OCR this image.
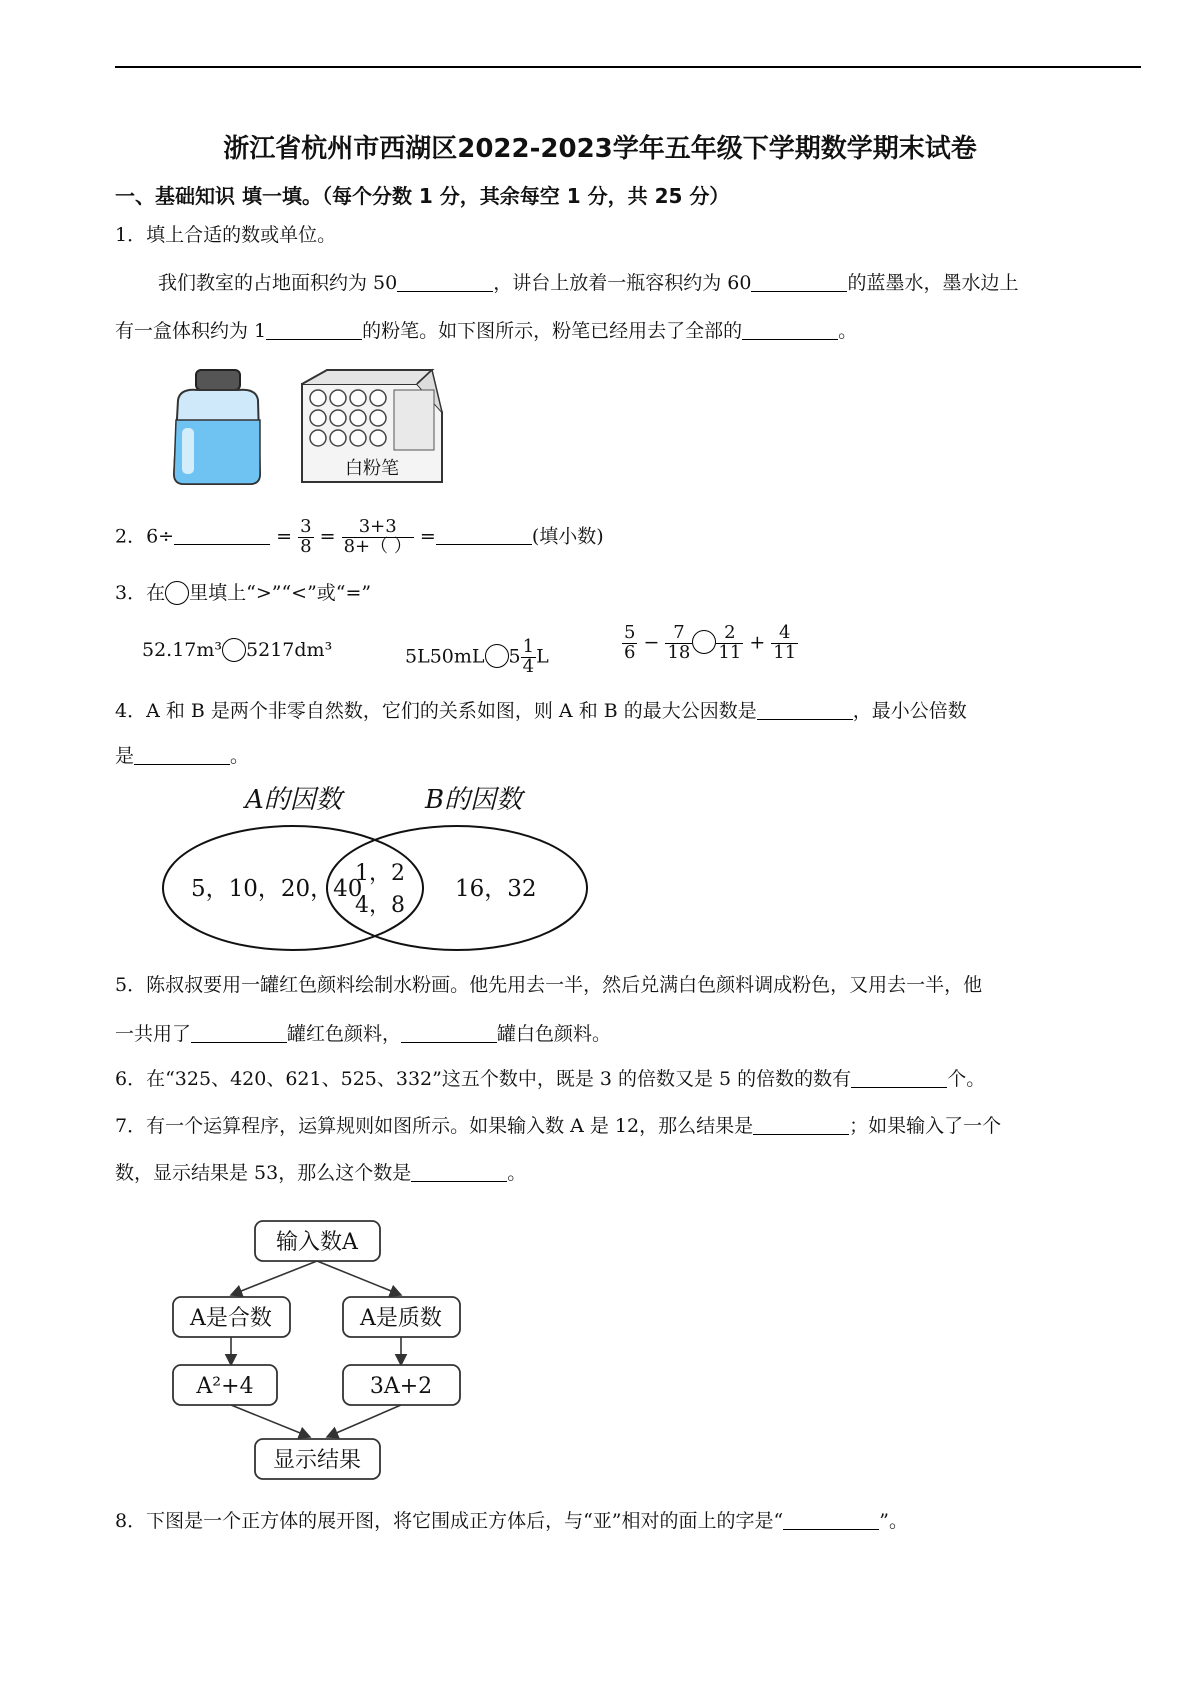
浙江省杭州市西湖区2022-2023学年五年级下学期数学期末试卷
一、基础知识 填一填。（每个分数 1 分，其余每空 1 分，共 25 分）
1．填上合适的数或单位。
我们教室的占地面积约为 50	，讲台上放着一瓶容积约为 60	的蓝墨水，墨水边上
有一盒体积约为 1	的粉笔。如下图所示，粉笔已经用去了全部的	。
白粉笔
2．6÷	= $\frac{3}{8} = \frac{3+3}{8+( )}$ =	(填小数)
3．在 里填上“>”“<”或“=”
52.17m³ 5217dm³	5L50mL $5 \frac{1}{4}$ L	$\frac{5}{6} - \frac{7}{18} \frac{2}{11} + \frac{4}{11}$
4．A 和 B 是两个非零自然数，它们的关系如图，则 A 和 B 的最大公因数是	，最小公倍数
是	。
A的因数	B的因数
5，10，20，40
1，2
4，8
16，32
5．陈叔叔要用一罐红色颜料绘制水粉画。他先用去一半，然后兑满白色颜料调成粉色，又用去一半，他
一共用了	罐红色颜料，	罐白色颜料。
6．在“325、420、621、525、332”这五个数中，既是 3 的倍数又是 5 的倍数的数有	个。
7．有一个运算程序，运算规则如图所示。如果输入数 A 是 12，那么结果是	；如果输入了一个
数，显示结果是 53，那么这个数是	。
输入数A
A是合数	A是质数
A²+4	3A+2
显示结果
8．下图是一个正方体的展开图，将它围成正方体后，与“亚”相对的面上的字是“	”。
